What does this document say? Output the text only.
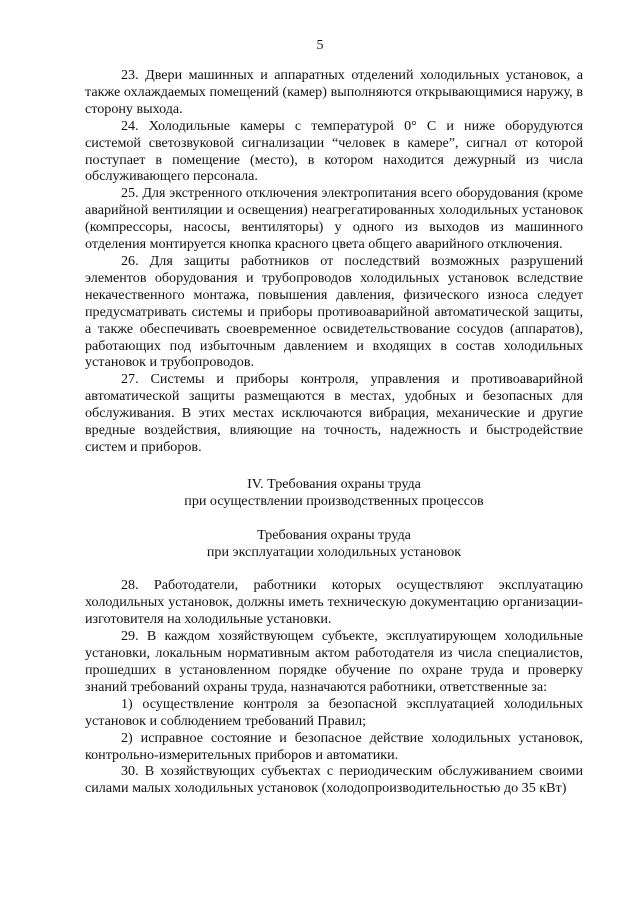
5

23. Двери машинных и аппаратных отделений холодильных установок, а также охлаждаемых помещений (камер) выполняются открывающимися наружу, в сторону выхода.

24. Холодильные камеры с температурой 0° С и ниже оборудуются системой светозвуковой сигнализации “человек в камере”, сигнал от которой поступает в помещение (место), в котором находится дежурный из числа обслуживающего персонала.

25. Для экстренного отключения электропитания всего оборудования (кроме аварийной вентиляции и освещения) неагрегатированных холодильных установок (компрессоры, насосы, вентиляторы) у одного из выходов из машинного отделения монтируется кнопка красного цвета общего аварийного отключения.

26. Для защиты работников от последствий возможных разрушений элементов оборудования и трубопроводов холодильных установок вследствие некачественного монтажа, повышения давления, физического износа следует предусматривать системы и приборы противоаварийной автоматической защиты, а также обеспечивать своевременное освидетельствование сосудов (аппаратов), работающих под избыточным давлением и входящих в состав холодильных установок и трубопроводов.

27. Системы и приборы контроля, управления и противоаварийной автоматической защиты размещаются в местах, удобных и безопасных для обслуживания. В этих местах исключаются вибрация, механические и другие вредные воздействия, влияющие на точность, надежность и быстродействие систем и приборов.

IV. Требования охраны труда

при осуществлении производственных процессов

Требования охраны труда

при эксплуатации холодильных установок

28. Работодатели, работники которых осуществляют эксплуатацию холодильных установок, должны иметь техническую документацию организации-изготовителя на холодильные установки.

29. В каждом хозяйствующем субъекте, эксплуатирующем холодильные установки, локальным нормативным актом работодателя из числа специалистов, прошедших в установленном порядке обучение по охране труда и проверку знаний требований охраны труда, назначаются работники, ответственные за:

1) осуществление контроля за безопасной эксплуатацией холодильных установок и соблюдением требований Правил;

2) исправное состояние и безопасное действие холодильных установок, контрольно-измерительных приборов и автоматики.

30. В хозяйствующих субъектах с периодическим обслуживанием своими силами малых холодильных установок (холодопроизводительностью до 35 кВт)
